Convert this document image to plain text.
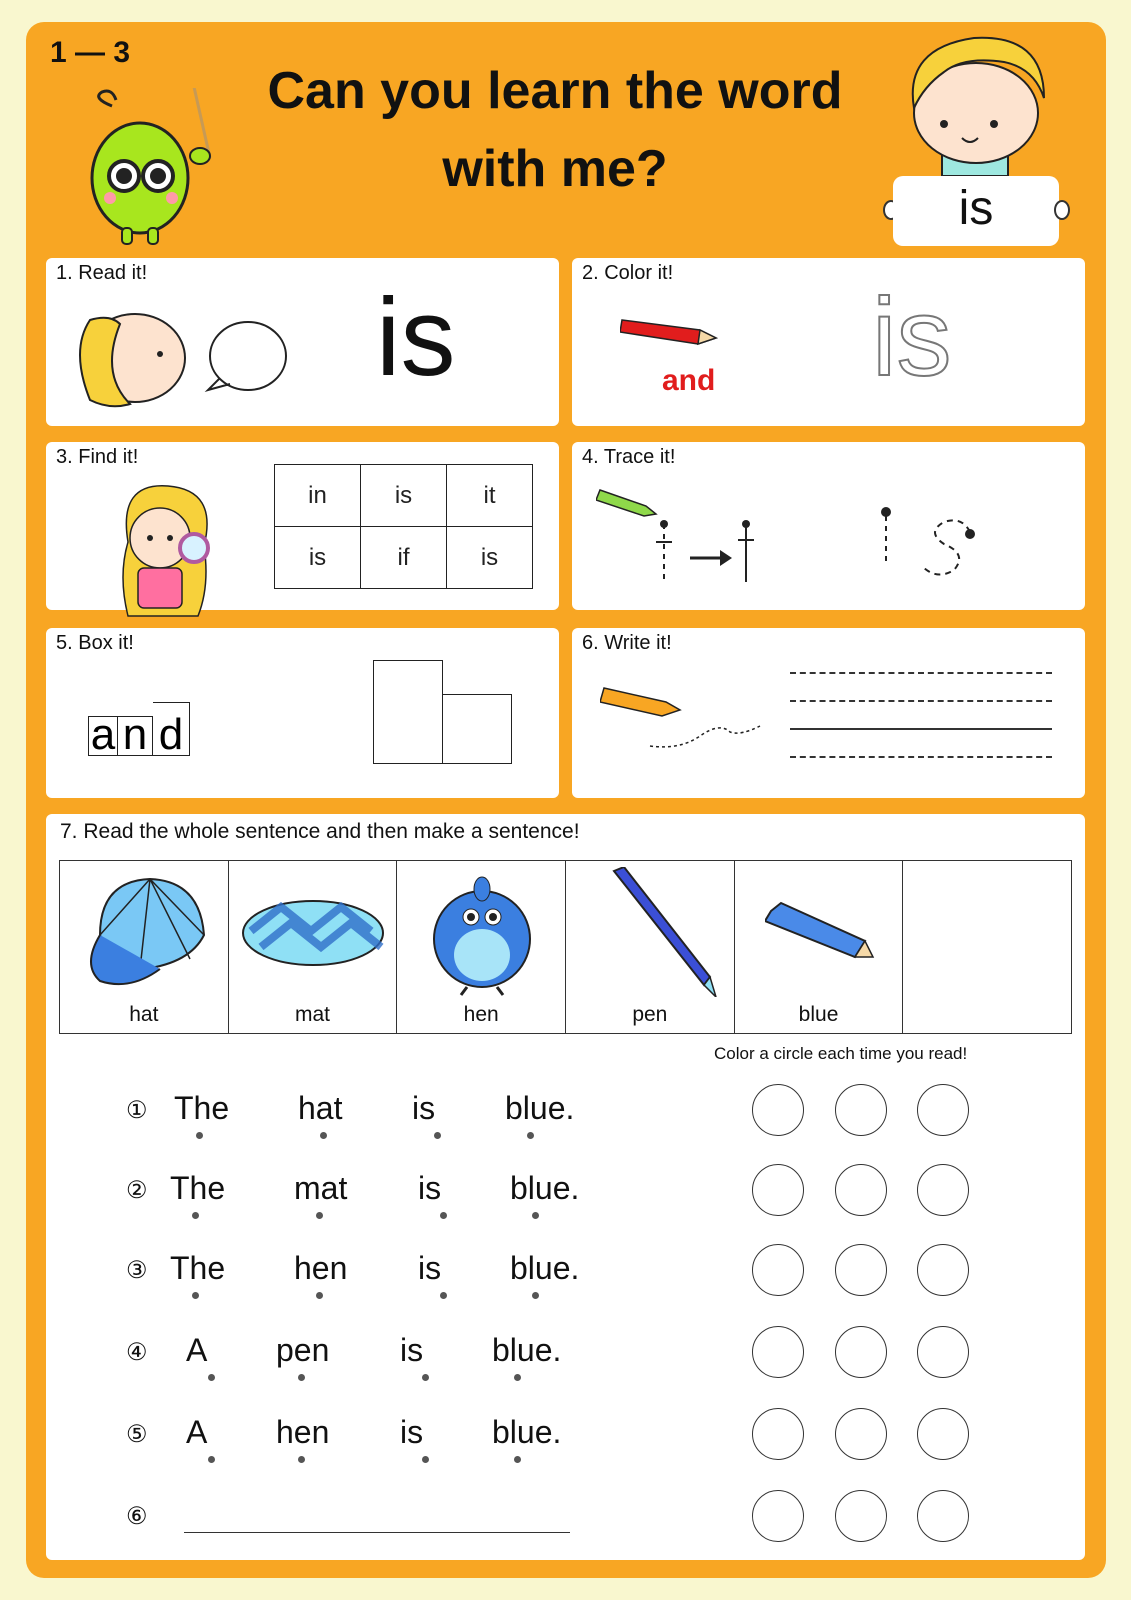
1 — 3
Can you learn the word
with me?
is
1. Read it!
is
2. Color it!
and is
3. Find it!
in	is	it
is	if	is
4. Trace it!
5. Box it!
a n d
6. Write it!
7. Read the whole sentence and then make a sentence!
hat	mat	hen	pen	blue
Color a circle each time you read!
① The hat is blue.
② The mat is blue.
③ The hen is blue.
④ A pen is blue.
⑤ A hen is blue.
⑥
